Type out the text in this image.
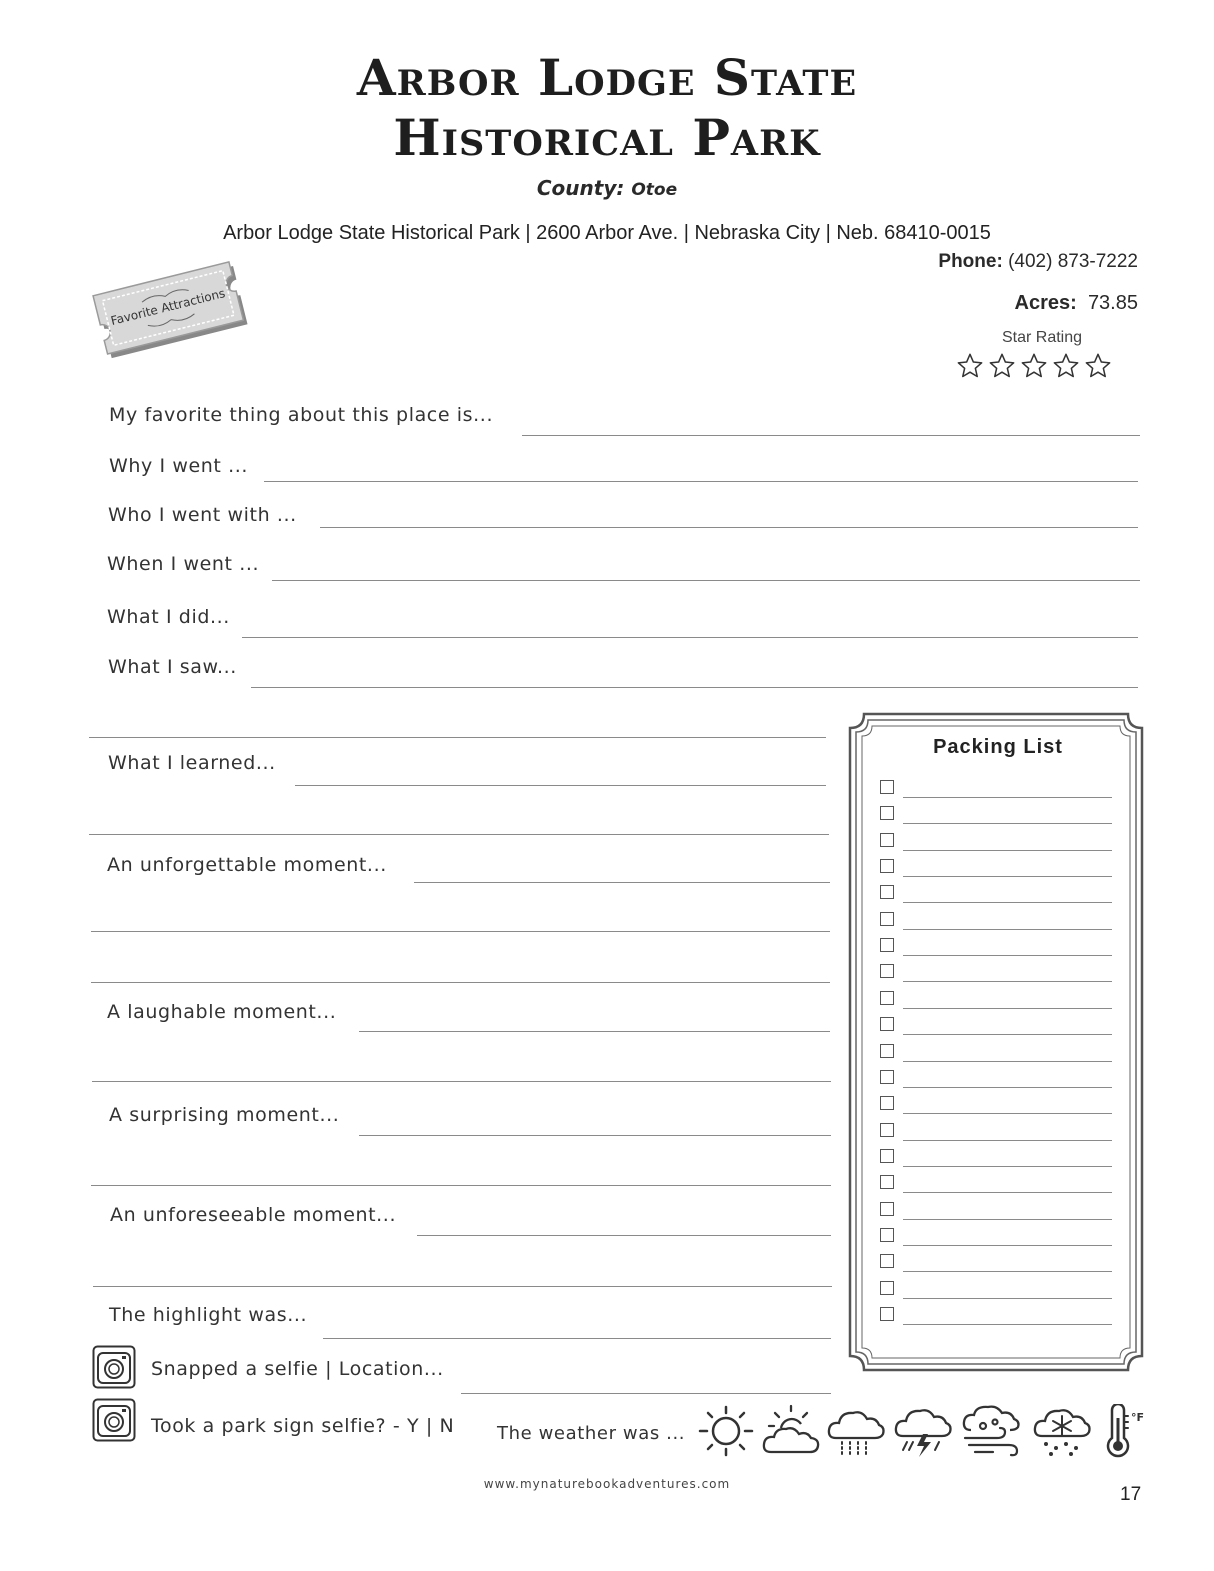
Arbor Lodge State
Historical Park
County: Otoe
Arbor Lodge State Historical Park | 2600 Arbor Ave. | Nebraska City | Neb. 68410-0015
Phone: (402) 873-7222
Acres: 73.85
Favorite Attractions
Star Rating
My favorite thing about this place is...
Why I went ...
Who I went with ...
When I went ...
What I did...
What I saw...
What I learned...
An unforgettable moment...
A laughable moment...
A surprising moment...
An unforeseeable moment...
The highlight was...
Snapped a selfie | Location...
Took a park sign selfie? - Y | N
Packing List
The weather was ...
°F
www.mynaturebookadventures.com	17
